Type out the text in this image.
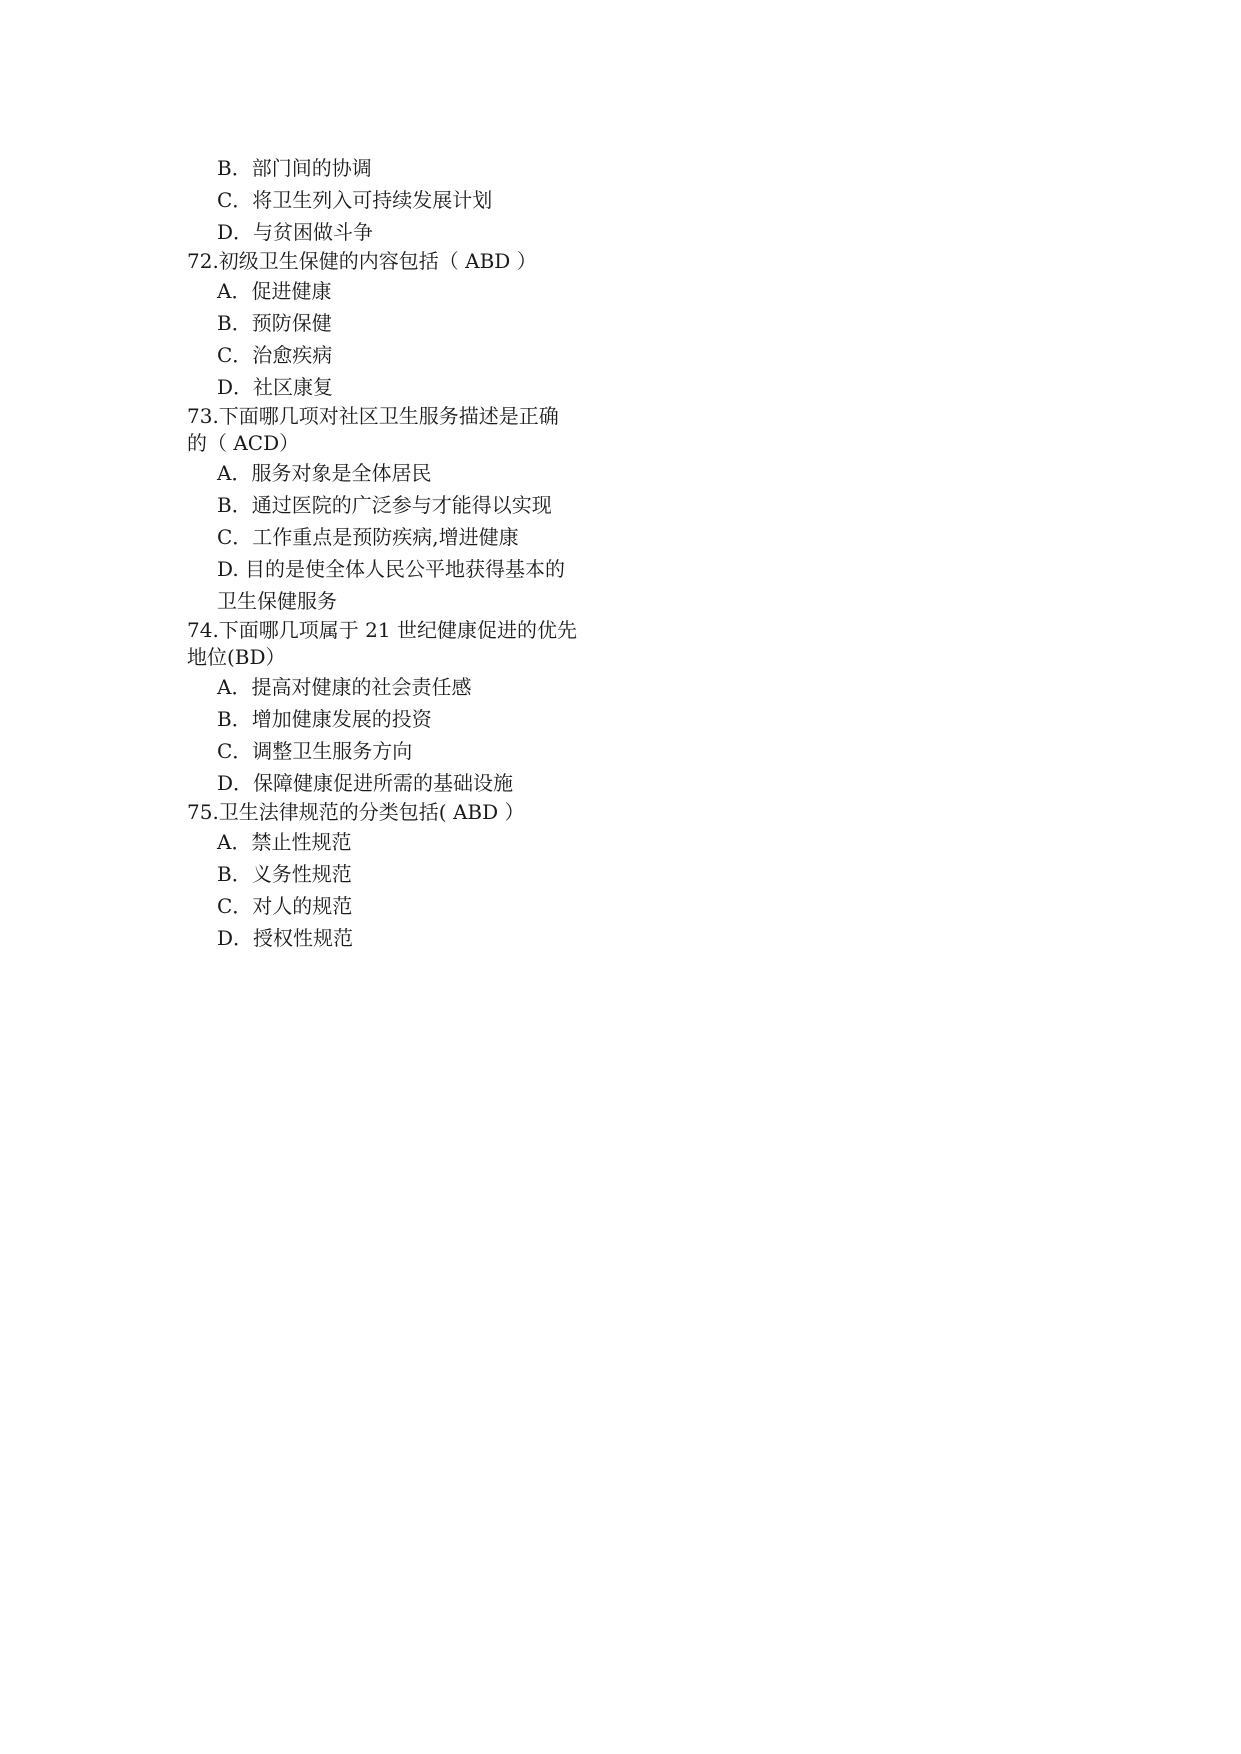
B．部门间的协调
C．将卫生列入可持续发展计划
D．与贫困做斗争
72.初级卫生保健的内容包括（ ABD ）
A．促进健康
B．预防保健
C．治愈疾病
D．社区康复
73.下面哪几项对社区卫生服务描述是正确
的（ ACD）
A．服务对象是全体居民
B．通过医院的广泛参与才能得以实现
C．工作重点是预防疾病,增进健康
D. 目的是使全体人民公平地获得基本的
卫生保健服务
74.下面哪几项属于 21 世纪健康促进的优先
地位(BD）
A．提高对健康的社会责任感
B．增加健康发展的投资
C．调整卫生服务方向
D．保障健康促进所需的基础设施
75.卫生法律规范的分类包括( ABD ）
A．禁止性规范
B．义务性规范
C．对人的规范
D．授权性规范
